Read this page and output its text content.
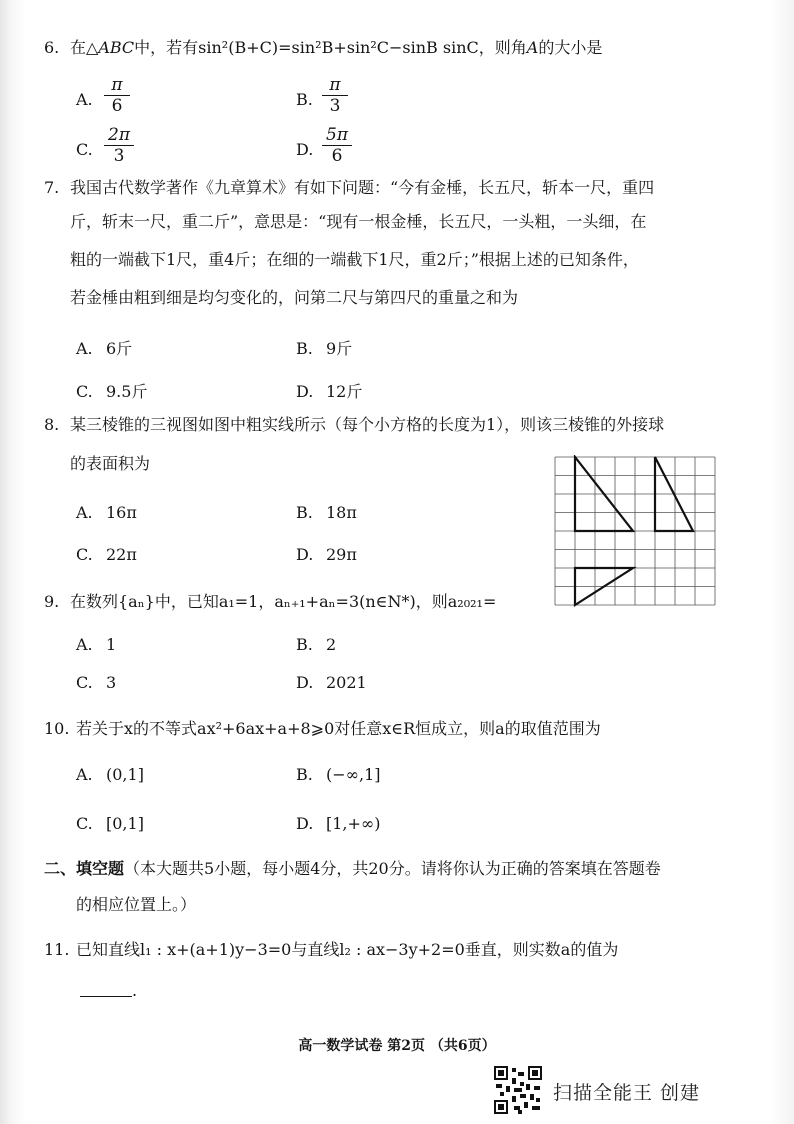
6. 在△ABC中，若有sin²(B+C)=sin²B+sin²C−sinB sinC，则角A的大小是
A.
π
6	B.
π
3
C.
2π
3	D.
5π
6
7. 我国古代数学著作《九章算术》有如下问题：“今有金棰，长五尺，斩本一尺，重四
斤，斩末一尺，重二斤”，意思是：“现有一根金棰，长五尺，一头粗，一头细，在
粗的一端截下1尺，重4斤；在细的一端截下1尺，重2斤；”根据上述的已知条件，
若金棰由粗到细是均匀变化的，问第二尺与第四尺的重量之和为
A. 6斤	B. 9斤
C. 9.5斤	D. 12斤
8. 某三棱锥的三视图如图中粗实线所示（每个小方格的长度为1），则该三棱锥的外接球
的表面积为
A. 16π	B. 18π
C. 22π	D. 29π
9. 在数列{aₙ}中，已知a₁=1，aₙ₊₁+aₙ=3(n∈N*)，则a₂₀₂₁=
A. 1	B. 2
C. 3	D. 2021
10. 若关于x的不等式ax²+6ax+a+8⩾0对任意x∈R恒成立，则a的取值范围为
A. (0,1]	B. (−∞,1]
C. [0,1]	D. [1,+∞)
二、填空题（本大题共5小题，每小题4分，共20分。请将你认为正确的答案填在答题卷
的相应位置上。）
11. 已知直线l₁ : x+(a+1)y−3=0与直线l₂ : ax−3y+2=0垂直，则实数a的值为
.
高一数学试卷 第2页 （共6页）
扫描全能王 创建
